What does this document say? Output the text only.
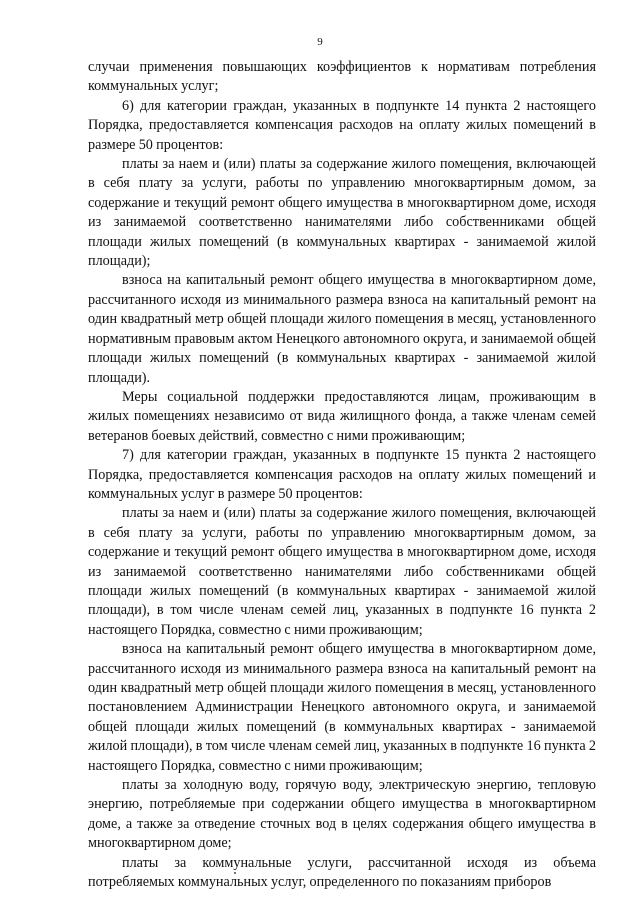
9

случаи применения повышающих коэффициентов к нормативам потребления коммунальных услуг;

6) для категории граждан, указанных в подпункте 14 пункта 2 настоящего Порядка, предоставляется компенсация расходов на оплату жилых помещений в размере 50 процентов:

платы за наем и (или) платы за содержание жилого помещения, включающей в себя плату за услуги, работы по управлению многоквартирным домом, за содержание и текущий ремонт общего имущества в многоквартирном доме, исходя из занимаемой соответственно нанимателями либо собственниками общей площади жилых помещений (в коммунальных квартирах - занимаемой жилой площади);

взноса на капитальный ремонт общего имущества в многоквартирном доме, рассчитанного исходя из минимального размера взноса на капитальный ремонт на один квадратный метр общей площади жилого помещения в месяц, установленного нормативным правовым актом Ненецкого автономного округа, и занимаемой общей площади жилых помещений (в коммунальных квартирах - занимаемой жилой площади).

Меры социальной поддержки предоставляются лицам, проживающим в жилых помещениях независимо от вида жилищного фонда, а также членам семей ветеранов боевых действий, совместно с ними проживающим;

7) для категории граждан, указанных в подпункте 15 пункта 2 настоящего Порядка, предоставляется компенсация расходов на оплату жилых помещений и коммунальных услуг в размере 50 процентов:

платы за наем и (или) платы за содержание жилого помещения, включающей в себя плату за услуги, работы по управлению многоквартирным домом, за содержание и текущий ремонт общего имущества в многоквартирном доме, исходя из занимаемой соответственно нанимателями либо собственниками общей площади жилых помещений (в коммунальных квартирах - занимаемой жилой площади), в том числе членам семей лиц, указанных в подпункте 16 пункта 2 настоящего Порядка, совместно с ними проживающим;

взноса на капитальный ремонт общего имущества в многоквартирном доме, рассчитанного исходя из минимального размера взноса на капитальный ремонт на один квадратный метр общей площади жилого помещения в месяц, установленного постановлением Администрации Ненецкого автономного округа, и занимаемой общей площади жилых помещений (в коммунальных квартирах - занимаемой жилой площади), в том числе членам семей лиц, указанных в подпункте 16 пункта 2 настоящего Порядка, совместно с ними проживающим;

платы за холодную воду, горячую воду, электрическую энергию, тепловую энергию, потребляемые при содержании общего имущества в многоквартирном доме, а также за отведение сточных вод в целях содержания общего имущества в многоквартирном доме;

платы за коммунальные услуги, рассчитанной исходя из объема потребляемых коммунальных услуг, определенного по показаниям приборов
